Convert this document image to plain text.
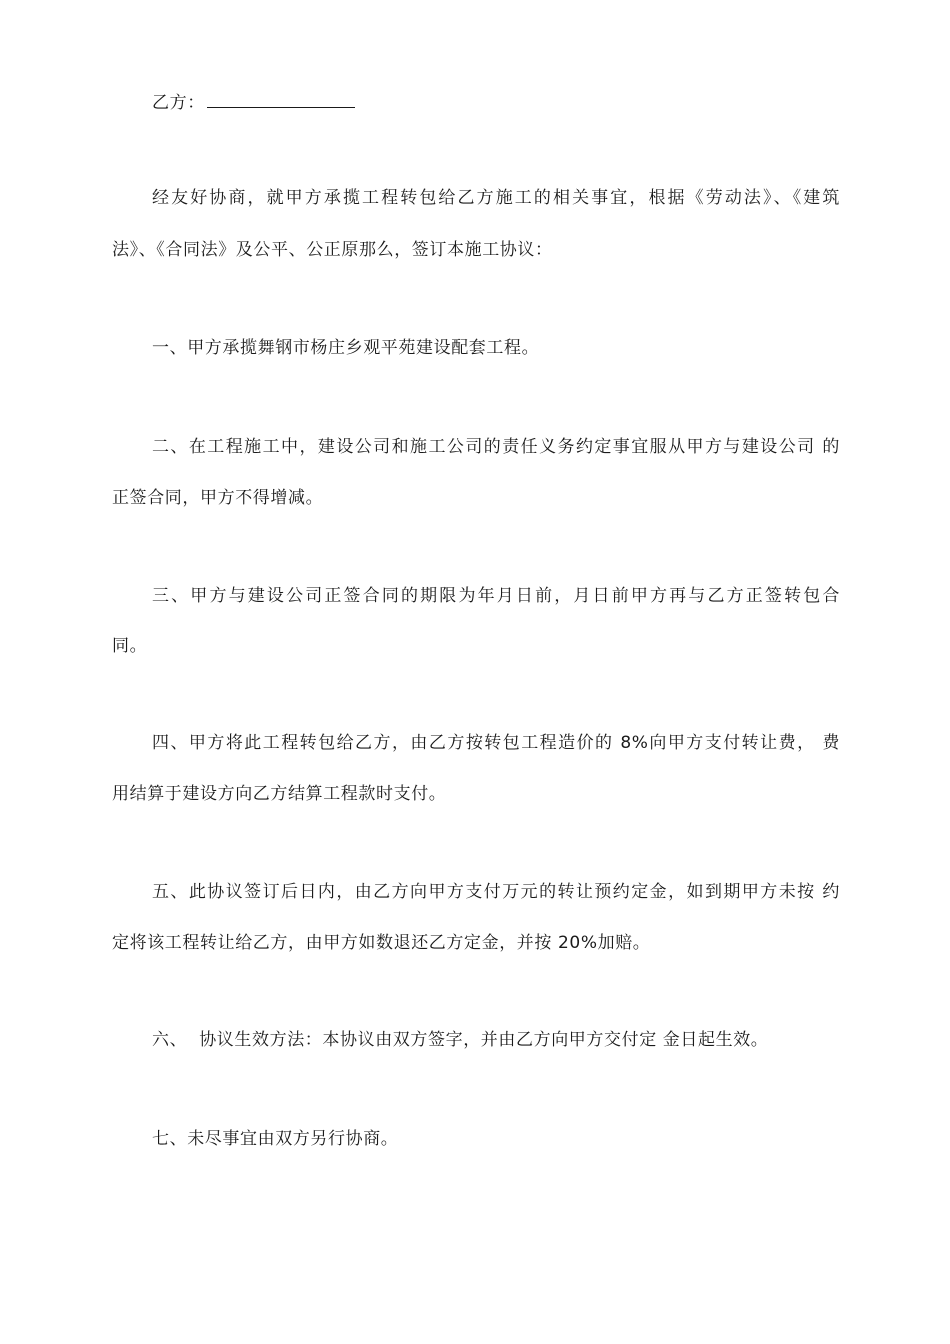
乙方：
经友好协商，就甲方承揽工程转包给乙方施工的相关事宜，根据《劳动法》、《建筑
法》、《合同法》及公平、公正原那么，签订本施工协议：
一、甲方承揽舞钢市杨庄乡观平苑建设配套工程。
二、在工程施工中，建设公司和施工公司的责任义务约定事宜服从甲方与建设公司 的
正签合同，甲方不得增减。
三、甲方与建设公司正签合同的期限为年月日前，月日前甲方再与乙方正签转包合
同。
四、甲方将此工程转包给乙方，由乙方按转包工程造价的 8%向甲方支付转让费， 费
用结算于建设方向乙方结算工程款时支付。
五、此协议签订后日内，由乙方向甲方支付万元的转让预约定金，如到期甲方未按 约
定将该工程转让给乙方，由甲方如数退还乙方定金，并按 20%加赔。
六、  协议生效方法：本协议由双方签字，并由乙方向甲方交付定 金日起生效。
七、未尽事宜由双方另行协商。
